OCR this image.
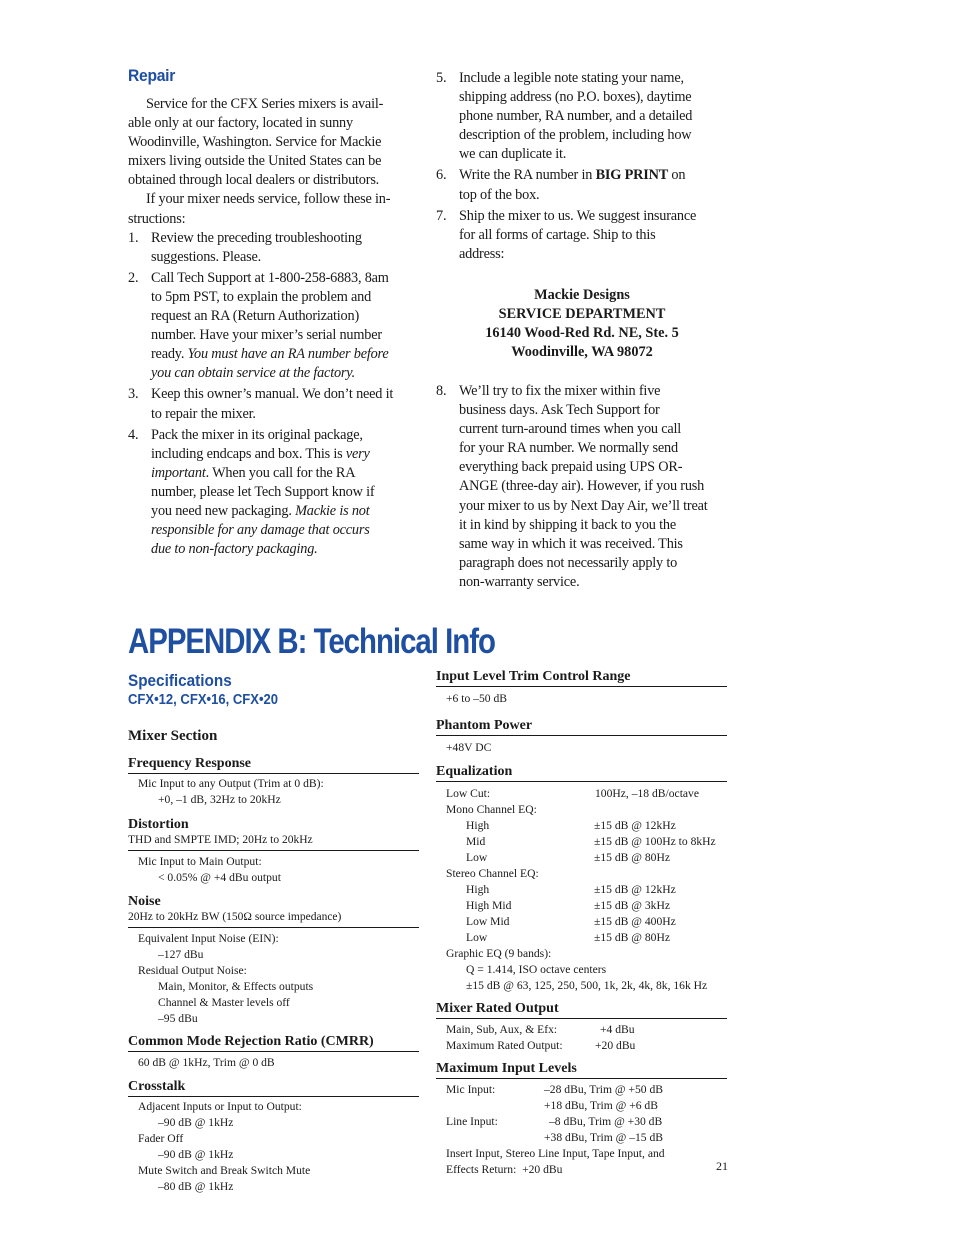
Repair
Service for the CFX Series mixers is avail-
able only at our factory, located in sunny
Woodinville, Washington. Service for Mackie
mixers living outside the United States can be
obtained through local dealers or distributors.
If your mixer needs service, follow these in-
structions:
1. Review the preceding troubleshooting
suggestions. Please.
2. Call Tech Support at 1-800-258-6883, 8am
to 5pm PST, to explain the problem and
request an RA (Return Authorization)
number. Have your mixer’s serial number
ready. You must have an RA number before
you can obtain service at the factory.
3. Keep this owner’s manual. We don’t need it
to repair the mixer.
4. Pack the mixer in its original package,
including endcaps and box. This is very
important. When you call for the RA
number, please let Tech Support know if
you need new packaging. Mackie is not
responsible for any damage that occurs
due to non-factory packaging.
5. Include a legible note stating your name,
shipping address (no P.O. boxes), daytime
phone number, RA number, and a detailed
description of the problem, including how
we can duplicate it.
6. Write the RA number in BIG PRINT on
top of the box.
7. Ship the mixer to us. We suggest insurance
for all forms of cartage. Ship to this
address:
Mackie Designs
SERVICE DEPARTMENT
16140 Wood-Red Rd. NE, Ste. 5
Woodinville, WA 98072
8. We’ll try to fix the mixer within five
business days. Ask Tech Support for
current turn-around times when you call
for your RA number. We normally send
everything back prepaid using UPS OR-
ANGE (three-day air). However, if you rush
your mixer to us by Next Day Air, we’ll treat
it in kind by shipping it back to you the
same way in which it was received. This
paragraph does not necessarily apply to
non-warranty service.
APPENDIX B: Technical Info
Specifications
CFX•12, CFX•16, CFX•20
Mixer Section
Frequency Response
Mic Input to any Output (Trim at 0 dB):
+0, –1 dB, 32Hz to 20kHz
Distortion
THD and SMPTE IMD; 20Hz to 20kHz
Mic Input to Main Output:
< 0.05% @ +4 dBu output
Noise
20Hz to 20kHz BW (150Ω source impedance)
Equivalent Input Noise (EIN):
–127 dBu
Residual Output Noise:
Main, Monitor, & Effects outputs
Channel & Master levels off
–95 dBu
Common Mode Rejection Ratio (CMRR)
60 dB @ 1kHz, Trim @ 0 dB
Crosstalk
Adjacent Inputs or Input to Output:
–90 dB @ 1kHz
Fader Off
–90 dB @ 1kHz
Mute Switch and Break Switch Mute
–80 dB @ 1kHz
Input Level Trim Control Range
+6 to –50 dB
Phantom Power
+48V DC
Equalization
Low Cut:	100Hz, –18 dB/octave
Mono Channel EQ:
High	±15 dB @ 12kHz
Mid	±15 dB @ 100Hz to 8kHz
Low	±15 dB @ 80Hz
Stereo Channel EQ:
High	±15 dB @ 12kHz
High Mid	±15 dB @ 3kHz
Low Mid	±15 dB @ 400Hz
Low	±15 dB @ 80Hz
Graphic EQ (9 bands):
Q = 1.414, ISO octave centers
±15 dB @ 63, 125, 250, 500, 1k, 2k, 4k, 8k, 16k Hz
Mixer Rated Output
Main, Sub, Aux, & Efx:	+4 dBu
Maximum Rated Output:	+20 dBu
Maximum Input Levels
Mic Input:	–28 dBu, Trim @ +50 dB

+18 dBu, Trim @ +6 dB
Line Input:	–8 dBu, Trim @ +30 dB

+38 dBu, Trim @ –15 dB
Insert Input, Stereo Line Input, Tape Input, and
Effects Return:  +20 dBu	21
